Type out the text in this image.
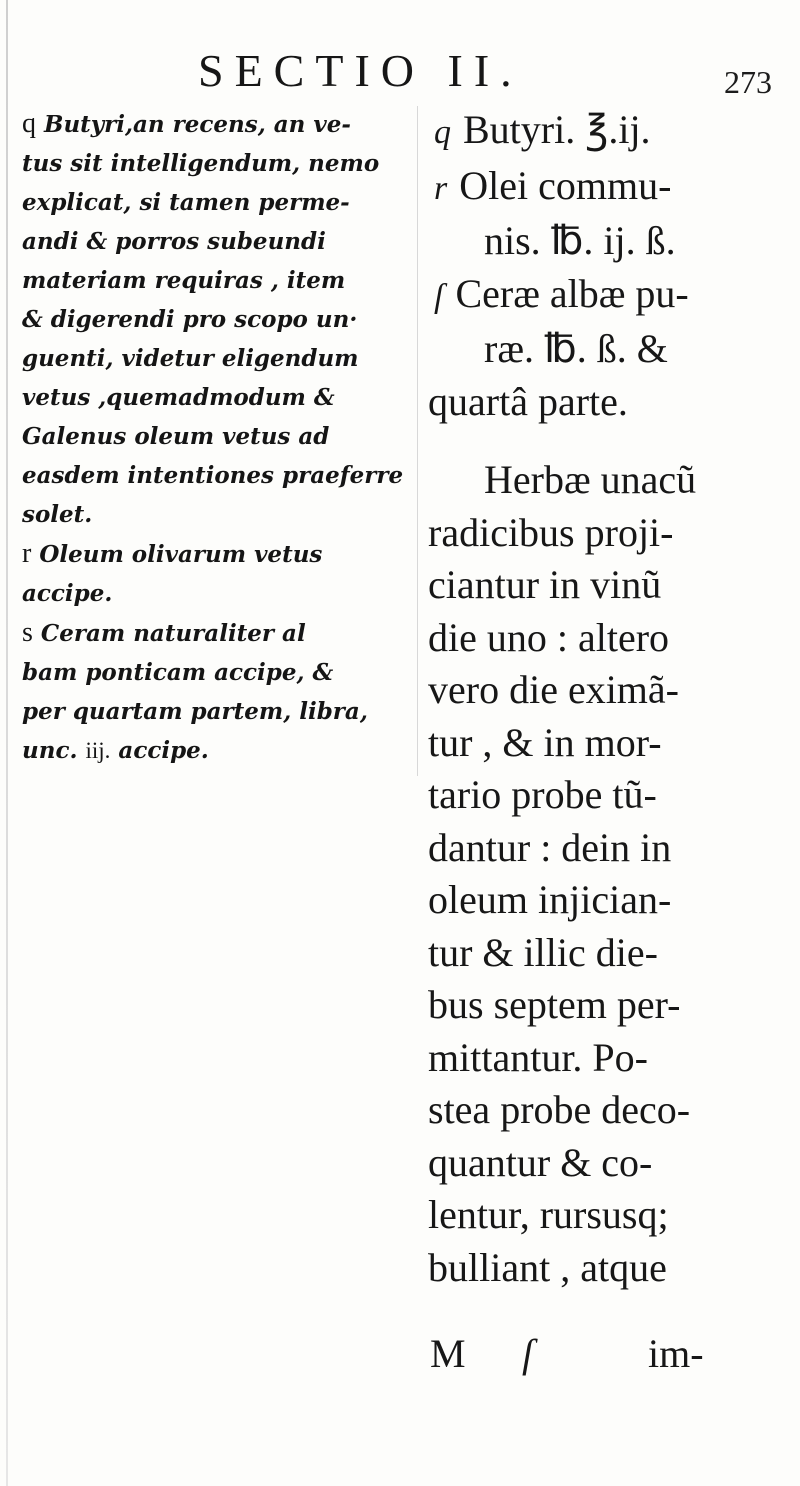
SECTIO II.	273
q Butyri,an recens, an ve-
tus sit intelligendum, nemo
explicat, si tamen perme-
andi & porros subeundi
materiam requiras , item
& digerendi pro scopo un·
guenti, videtur eligendum
vetus ,quemadmodum &
Galenus oleum vetus ad
easdem intentiones praeferre
solet.
r Oleum olivarum vetus
accipe.
s Ceram naturaliter al
bam ponticam accipe, &
per quartam partem, libra,
unc. iij. accipe.
q Butyri. ℥.ij.
r Olei commu-
nis. ℔. ij. ß.
ſ Ceræ albæ pu-
ræ. ℔. ß. &
quartâ parte.
Herbæ unacũ
radicibus proji-
ciantur in vinũ
die uno : altero
vero die eximã-
tur , & in mor-
tario probe tũ-
dantur : dein in
oleum injician-
tur & illic die-
bus septem per-
mittantur. Po-
stea probe deco-
quantur & co-
lentur, rursusq;
bulliant , atque
M ſ	im-
